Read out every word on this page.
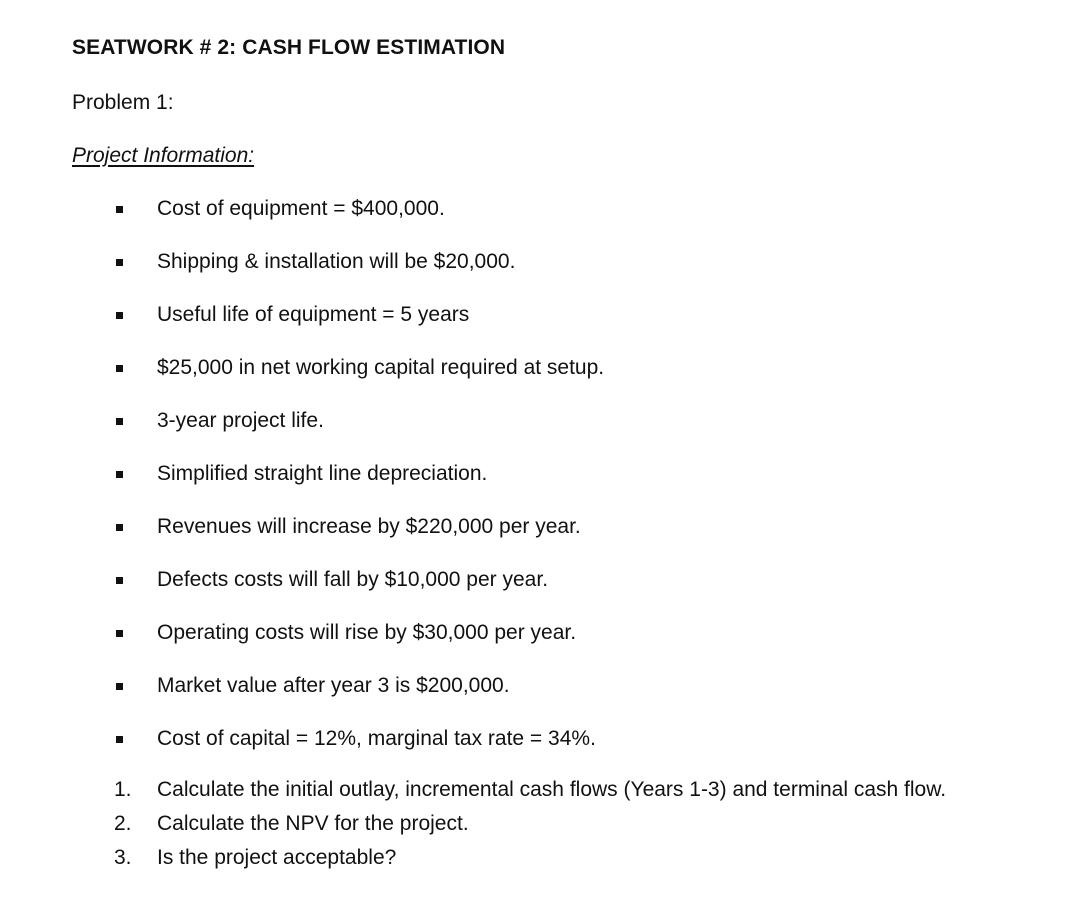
SEATWORK # 2: CASH FLOW ESTIMATION
Problem 1:
Project Information:
Cost of equipment = $400,000.
Shipping & installation will be $20,000.
Useful life of equipment = 5 years
$25,000 in net working capital required at setup.
3-year project life.
Simplified straight line depreciation.
Revenues will increase by $220,000 per year.
Defects costs will fall by $10,000 per year.
Operating costs will rise by $30,000 per year.
Market value after year 3 is $200,000.
Cost of capital = 12%, marginal tax rate = 34%.
1. Calculate the initial outlay, incremental cash flows (Years 1-3) and terminal cash flow.
2. Calculate the NPV for the project.
3. Is the project acceptable?
